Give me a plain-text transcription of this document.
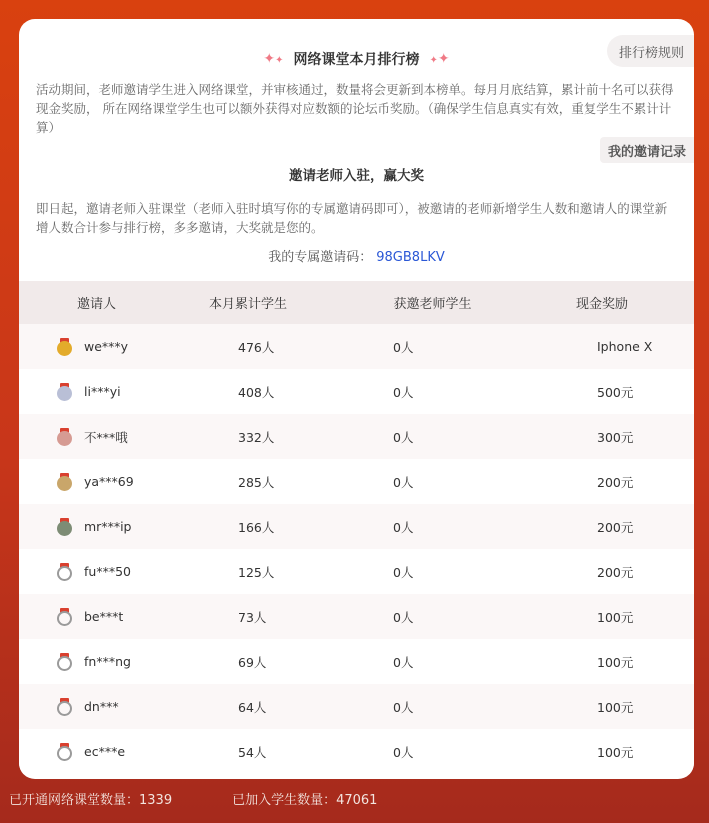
✦✦ 网络课堂本月排行榜 ✦✦	排行榜规则
活动期间，老师邀请学生进入网络课堂，并审核通过，数量将会更新到本榜单。每月月底结算，累计前十名可以获得现金奖励， 所在网络课堂学生也可以额外获得对应数额的论坛币奖励。（确保学生信息真实有效，重复学生不累计计算）
我的邀请记录
邀请老师入驻，赢大奖
即日起，邀请老师入驻课堂（老师入驻时填写你的专属邀请码即可），被邀请的老师新增学生人数和邀请人的课堂新增人数合计参与排行榜，多多邀请，大奖就是您的。
我的专属邀请码： 98GB8LKV
邀请人	本月累计学生	获邀老师学生	现金奖励
we***y	476人	0人	Iphone X
li***yi	408人	0人	500元
不***哦	332人	0人	300元
ya***69	285人	0人	200元
mr***ip	166人	0人	200元
fu***50	125人	0人	200元
be***t	73人	0人	100元
fn***ng	69人	0人	100元
dn***	64人	0人	100元
ec***e	54人	0人	100元
已开通网络课堂数量：1339	已加入学生数量：47061
